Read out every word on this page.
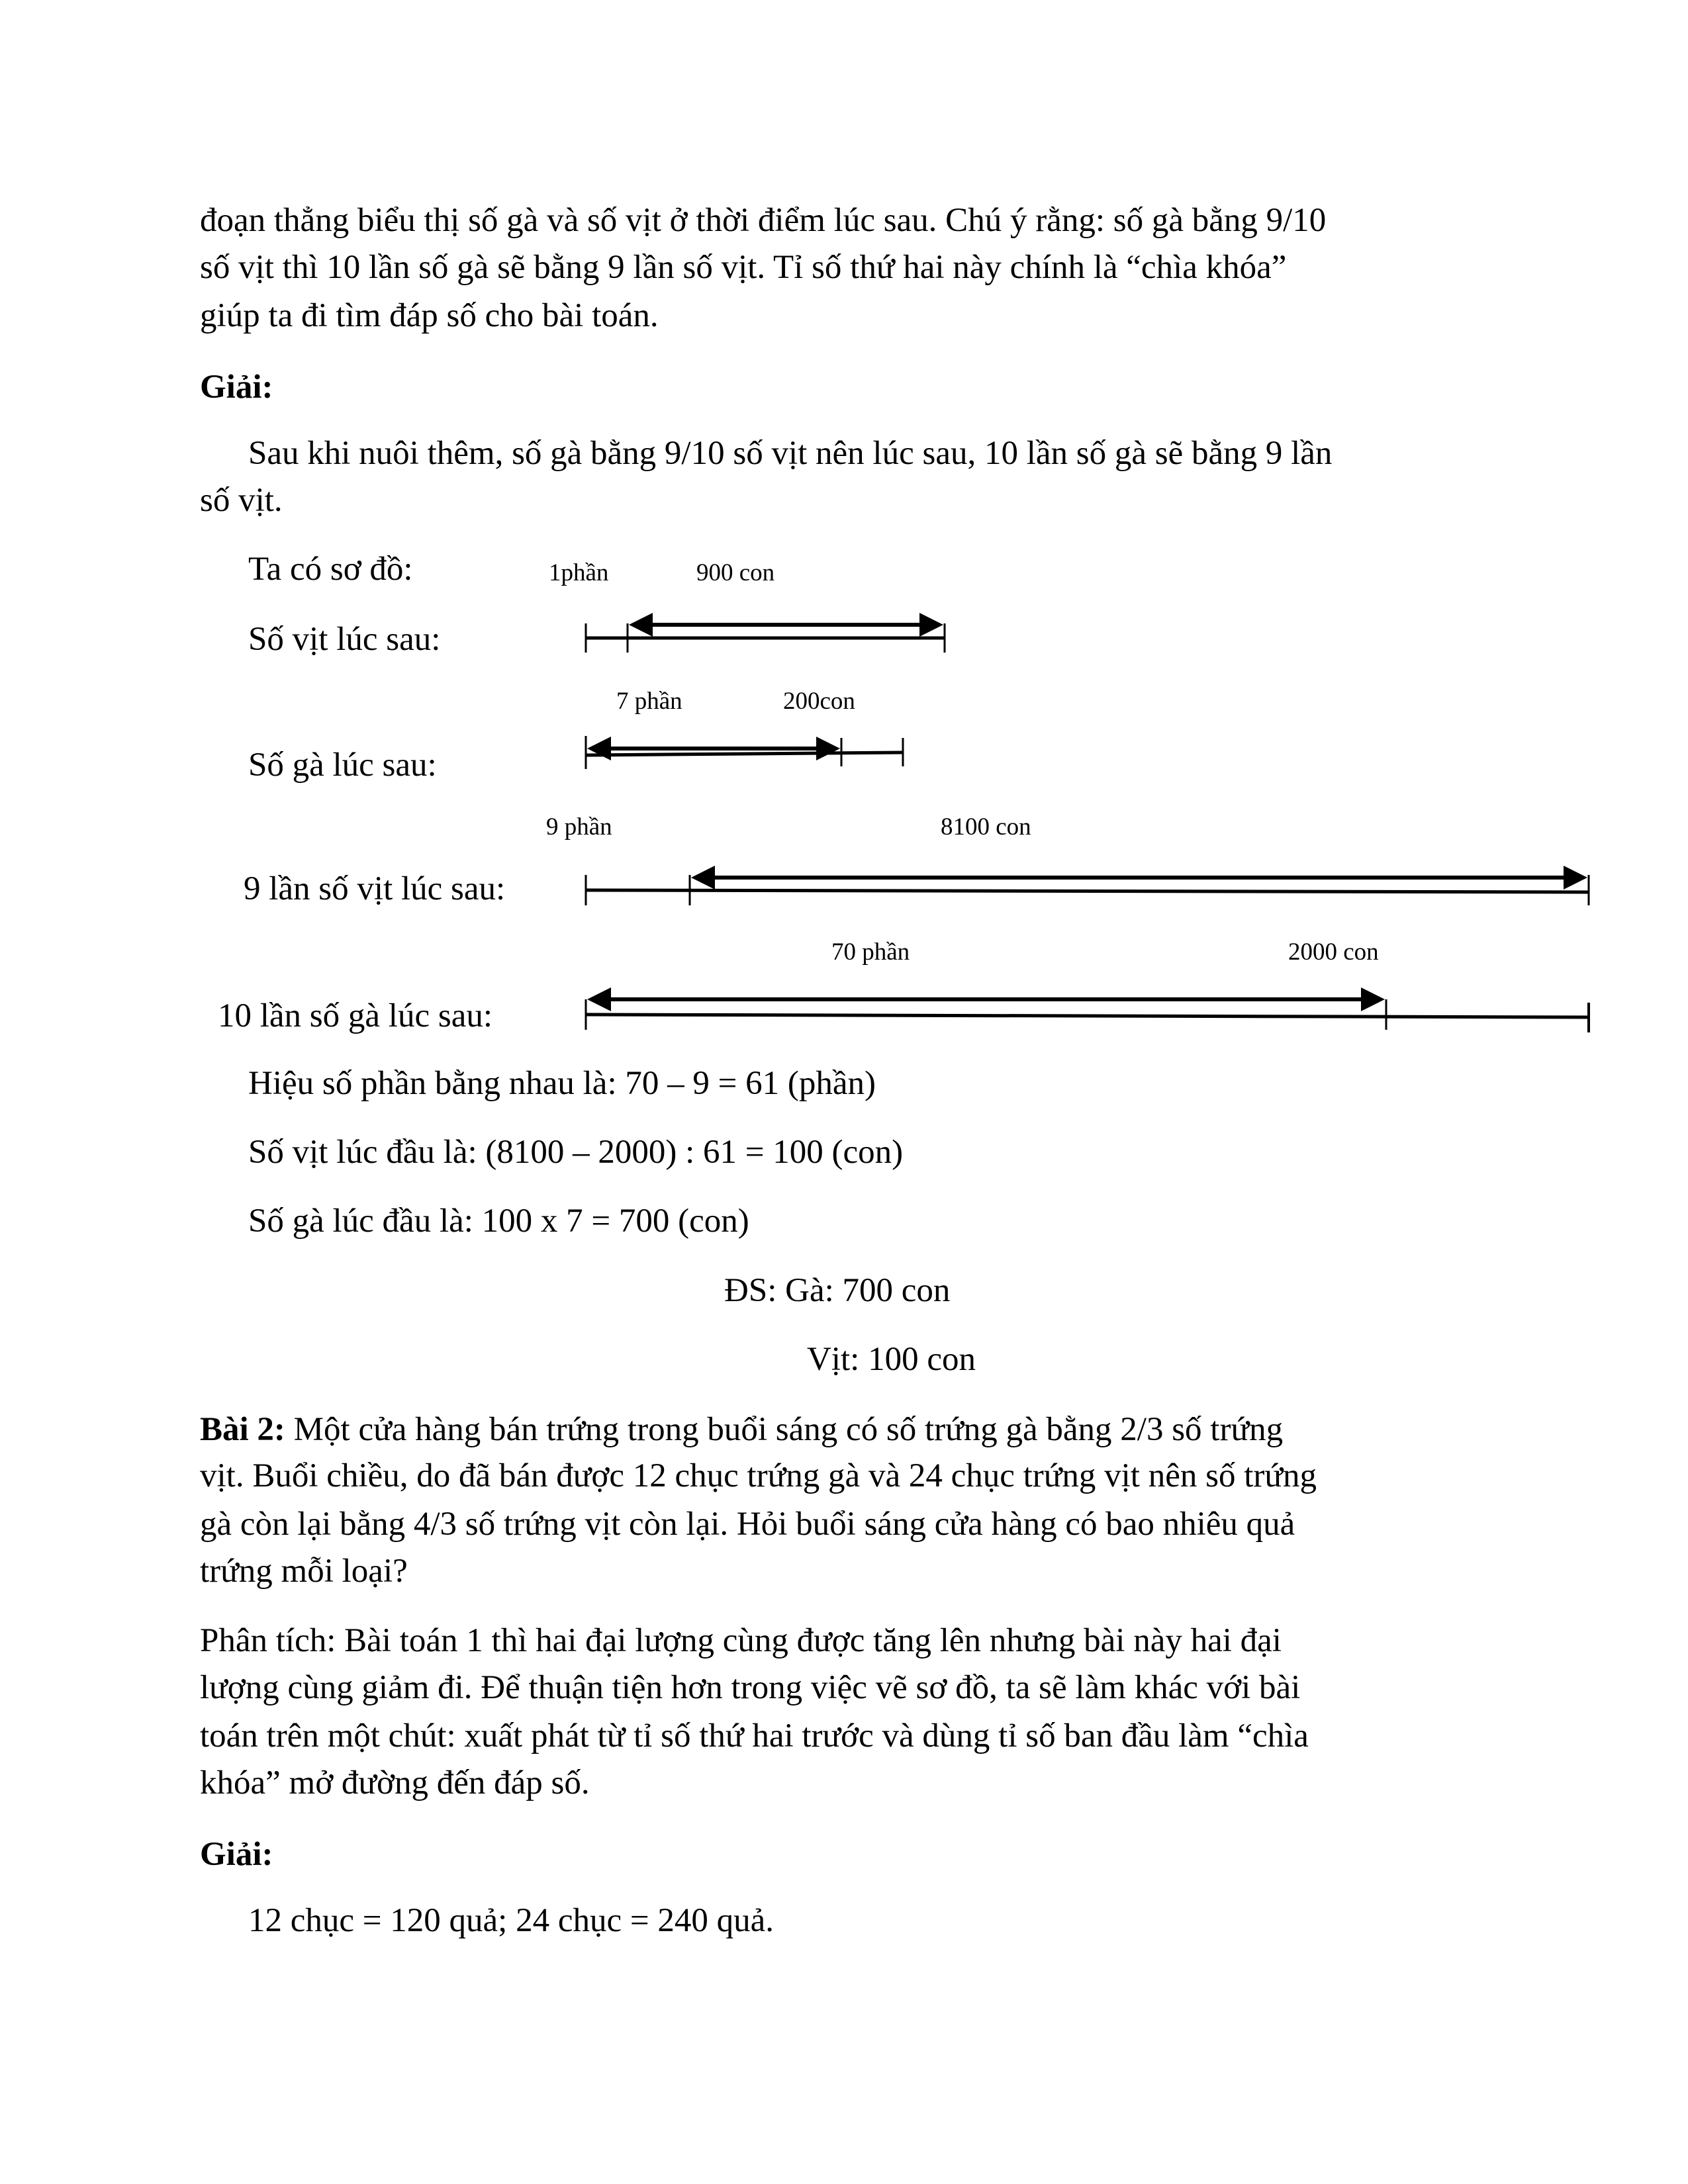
đoạn thẳng biểu thị số gà và số vịt ở thời điểm lúc sau. Chú ý rằng: số gà bằng 9/10
số vịt thì 10 lần số gà sẽ bằng 9 lần số vịt. Tỉ số thứ hai này chính là “chìa khóa”
giúp ta đi tìm đáp số cho bài toán.
Giải:
Sau khi nuôi thêm, số gà bằng 9/10 số vịt nên lúc sau, 10 lần số gà sẽ bằng 9 lần
số vịt.
Ta có sơ đồ:	1phần	900 con
Số vịt lúc sau:
7 phần	200con
Số gà lúc sau:
9 phần	8100 con
9 lần số vịt lúc sau:
70 phần	2000 con
10 lần số gà lúc sau:
Hiệu số phần bằng nhau là: 70 – 9 = 61 (phần)
Số vịt lúc đầu là: (8100 – 2000) : 61 = 100 (con)
Số gà lúc đầu là: 100 x 7 = 700 (con)
ĐS: Gà: 700 con
Vịt: 100 con
Bài 2: Một cửa hàng bán trứng trong buổi sáng có số trứng gà bằng 2/3 số trứng
vịt. Buổi chiều, do đã bán được 12 chục trứng gà và 24 chục trứng vịt nên số trứng
gà còn lại bằng 4/3 số trứng vịt còn lại. Hỏi buổi sáng cửa hàng có bao nhiêu quả
trứng mỗi loại?
Phân tích: Bài toán 1 thì hai đại lượng cùng được tăng lên nhưng bài này hai đại
lượng cùng giảm đi. Để thuận tiện hơn trong việc vẽ sơ đồ, ta sẽ làm khác với bài
toán trên một chút: xuất phát từ tỉ số thứ hai trước và dùng tỉ số ban đầu làm “chìa
khóa” mở đường đến đáp số.
Giải:
12 chục = 120 quả; 24 chục = 240 quả.
